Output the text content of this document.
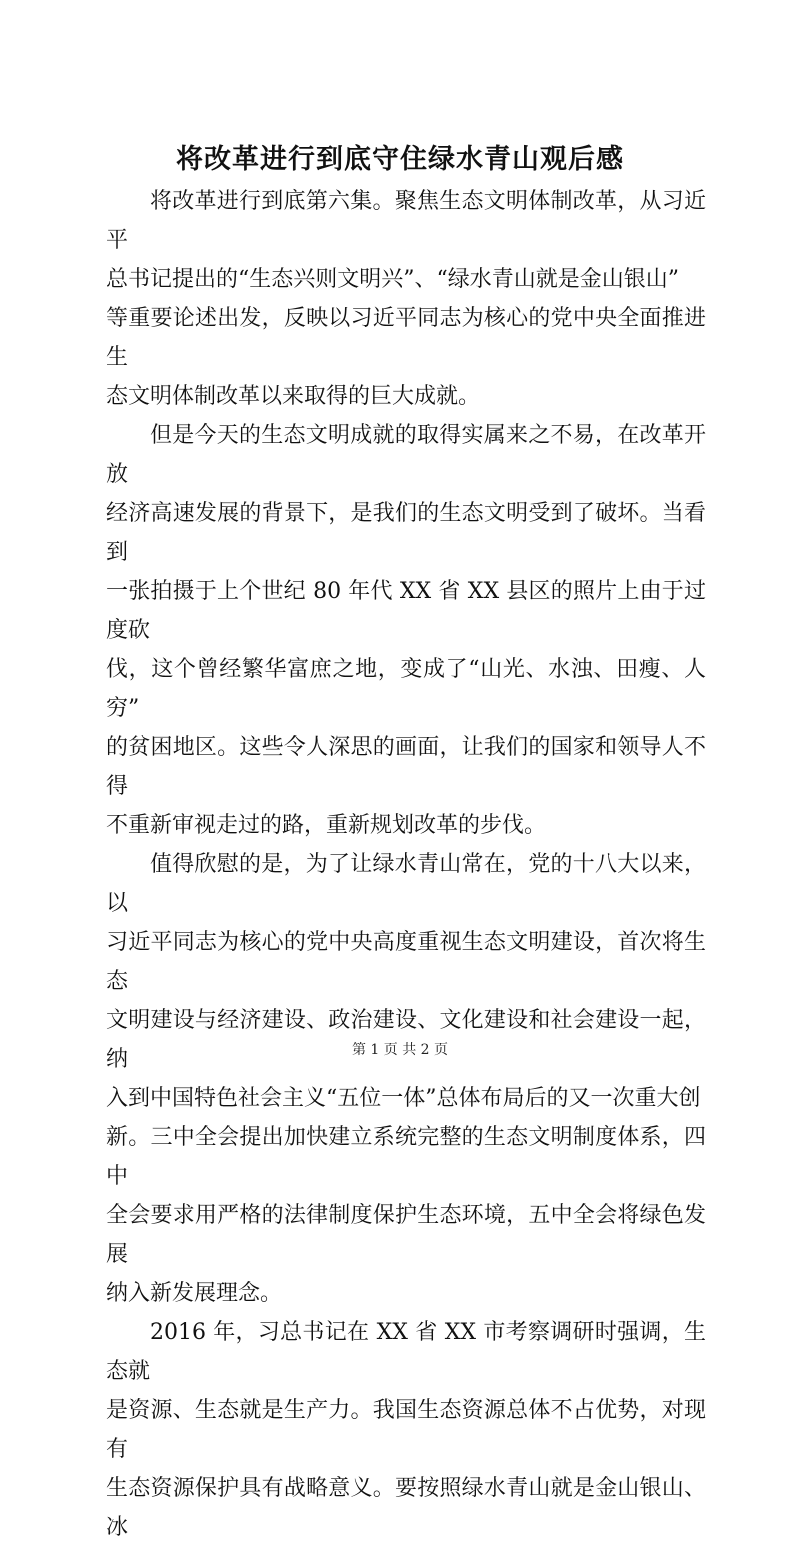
将改革进行到底守住绿水青山观后感
将改革进行到底第六集。聚焦生态文明体制改革，从习近平
总书记提出的“生态兴则文明兴”、“绿水青山就是金山银山”
等重要论述出发，反映以习近平同志为核心的党中央全面推进生
态文明体制改革以来取得的巨大成就。
但是今天的生态文明成就的取得实属来之不易，在改革开放
经济高速发展的背景下，是我们的生态文明受到了破坏。当看到
一张拍摄于上个世纪 80 年代 XX 省 XX 县区的照片上由于过度砍
伐，这个曾经繁华富庶之地，变成了“山光、水浊、田瘦、人穷”
的贫困地区。这些令人深思的画面，让我们的国家和领导人不得
不重新审视走过的路，重新规划改革的步伐。
值得欣慰的是，为了让绿水青山常在，党的十八大以来，以
习近平同志为核心的党中央高度重视生态文明建设，首次将生态
文明建设与经济建设、政治建设、文化建设和社会建设一起，纳
入到中国特色社会主义“五位一体”总体布局后的又一次重大创
新。三中全会提出加快建立系统完整的生态文明制度体系，四中
全会要求用严格的法律制度保护生态环境，五中全会将绿色发展
纳入新发展理念。
2016 年，习总书记在 XX 省 XX 市考察调研时强调，生态就
是资源、生态就是生产力。我国生态资源总体不占优势，对现有
生态资源保护具有战略意义。要按照绿水青山就是金山银山、冰
第 1 页 共 2 页
